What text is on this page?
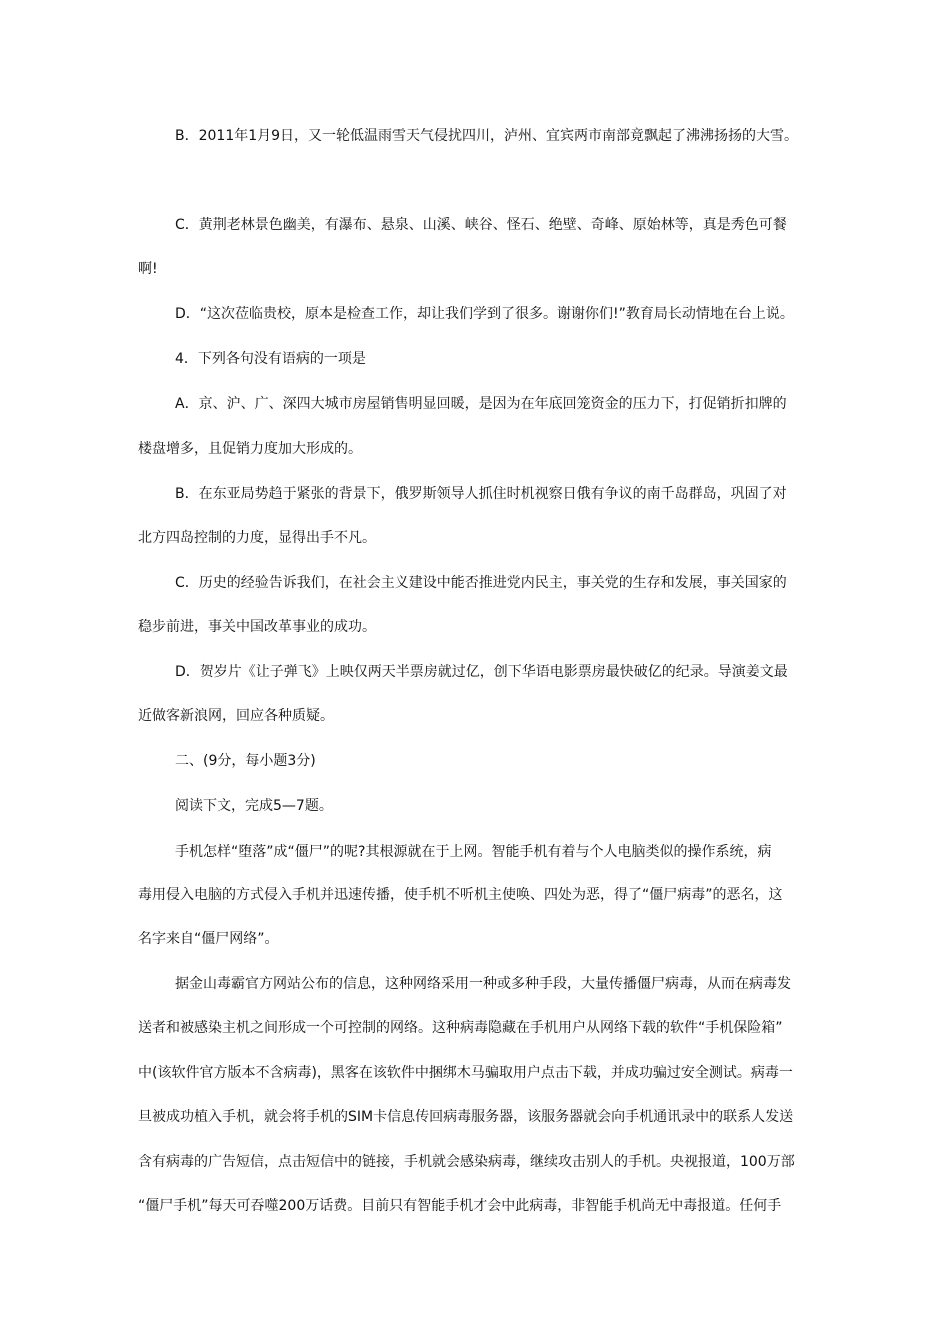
B．2011年1月9日，又一轮低温雨雪天气侵扰四川，泸州、宜宾两市南部竟飘起了沸沸扬扬的大雪。
C．黄荆老林景色幽美，有瀑布、悬泉、山溪、峡谷、怪石、绝壁、奇峰、原始林等，真是秀色可餐
啊!
D．“这次莅临贵校，原本是检查工作，却让我们学到了很多。谢谢你们!”教育局长动情地在台上说。
4．下列各句没有语病的一项是
A．京、沪、广、深四大城市房屋销售明显回暖，是因为在年底回笼资金的压力下，打促销折扣牌的
楼盘增多，且促销力度加大形成的。
B．在东亚局势趋于紧张的背景下，俄罗斯领导人抓住时机视察日俄有争议的南千岛群岛，巩固了对
北方四岛控制的力度，显得出手不凡。
C．历史的经验告诉我们，在社会主义建设中能否推进党内民主，事关党的生存和发展，事关国家的
稳步前进，事关中国改革事业的成功。
D．贺岁片《让子弹飞》上映仅两天半票房就过亿，创下华语电影票房最快破亿的纪录。导演姜文最
近做客新浪网，回应各种质疑。
二、(9分，每小题3分)
阅读下文，完成5—7题。
手机怎样“堕落”成“僵尸”的呢?其根源就在于上网。智能手机有着与个人电脑类似的操作系统，病
毒用侵入电脑的方式侵入手机并迅速传播，使手机不听机主使唤、四处为恶，得了“僵尸病毒”的恶名，这
名字来自“僵尸网络”。
据金山毒霸官方网站公布的信息，这种网络采用一种或多种手段，大量传播僵尸病毒，从而在病毒发
送者和被感染主机之间形成一个可控制的网络。这种病毒隐藏在手机用户从网络下载的软件“手机保险箱”
中(该软件官方版本不含病毒)，黑客在该软件中捆绑木马骗取用户点击下载，并成功骗过安全测试。病毒一
旦被成功植入手机，就会将手机的SIM卡信息传回病毒服务器，该服务器就会向手机通讯录中的联系人发送
含有病毒的广告短信，点击短信中的链接，手机就会感染病毒，继续攻击别人的手机。央视报道，100万部
“僵尸手机”每天可吞噬200万话费。目前只有智能手机才会中此病毒，非智能手机尚无中毒报道。任何手
